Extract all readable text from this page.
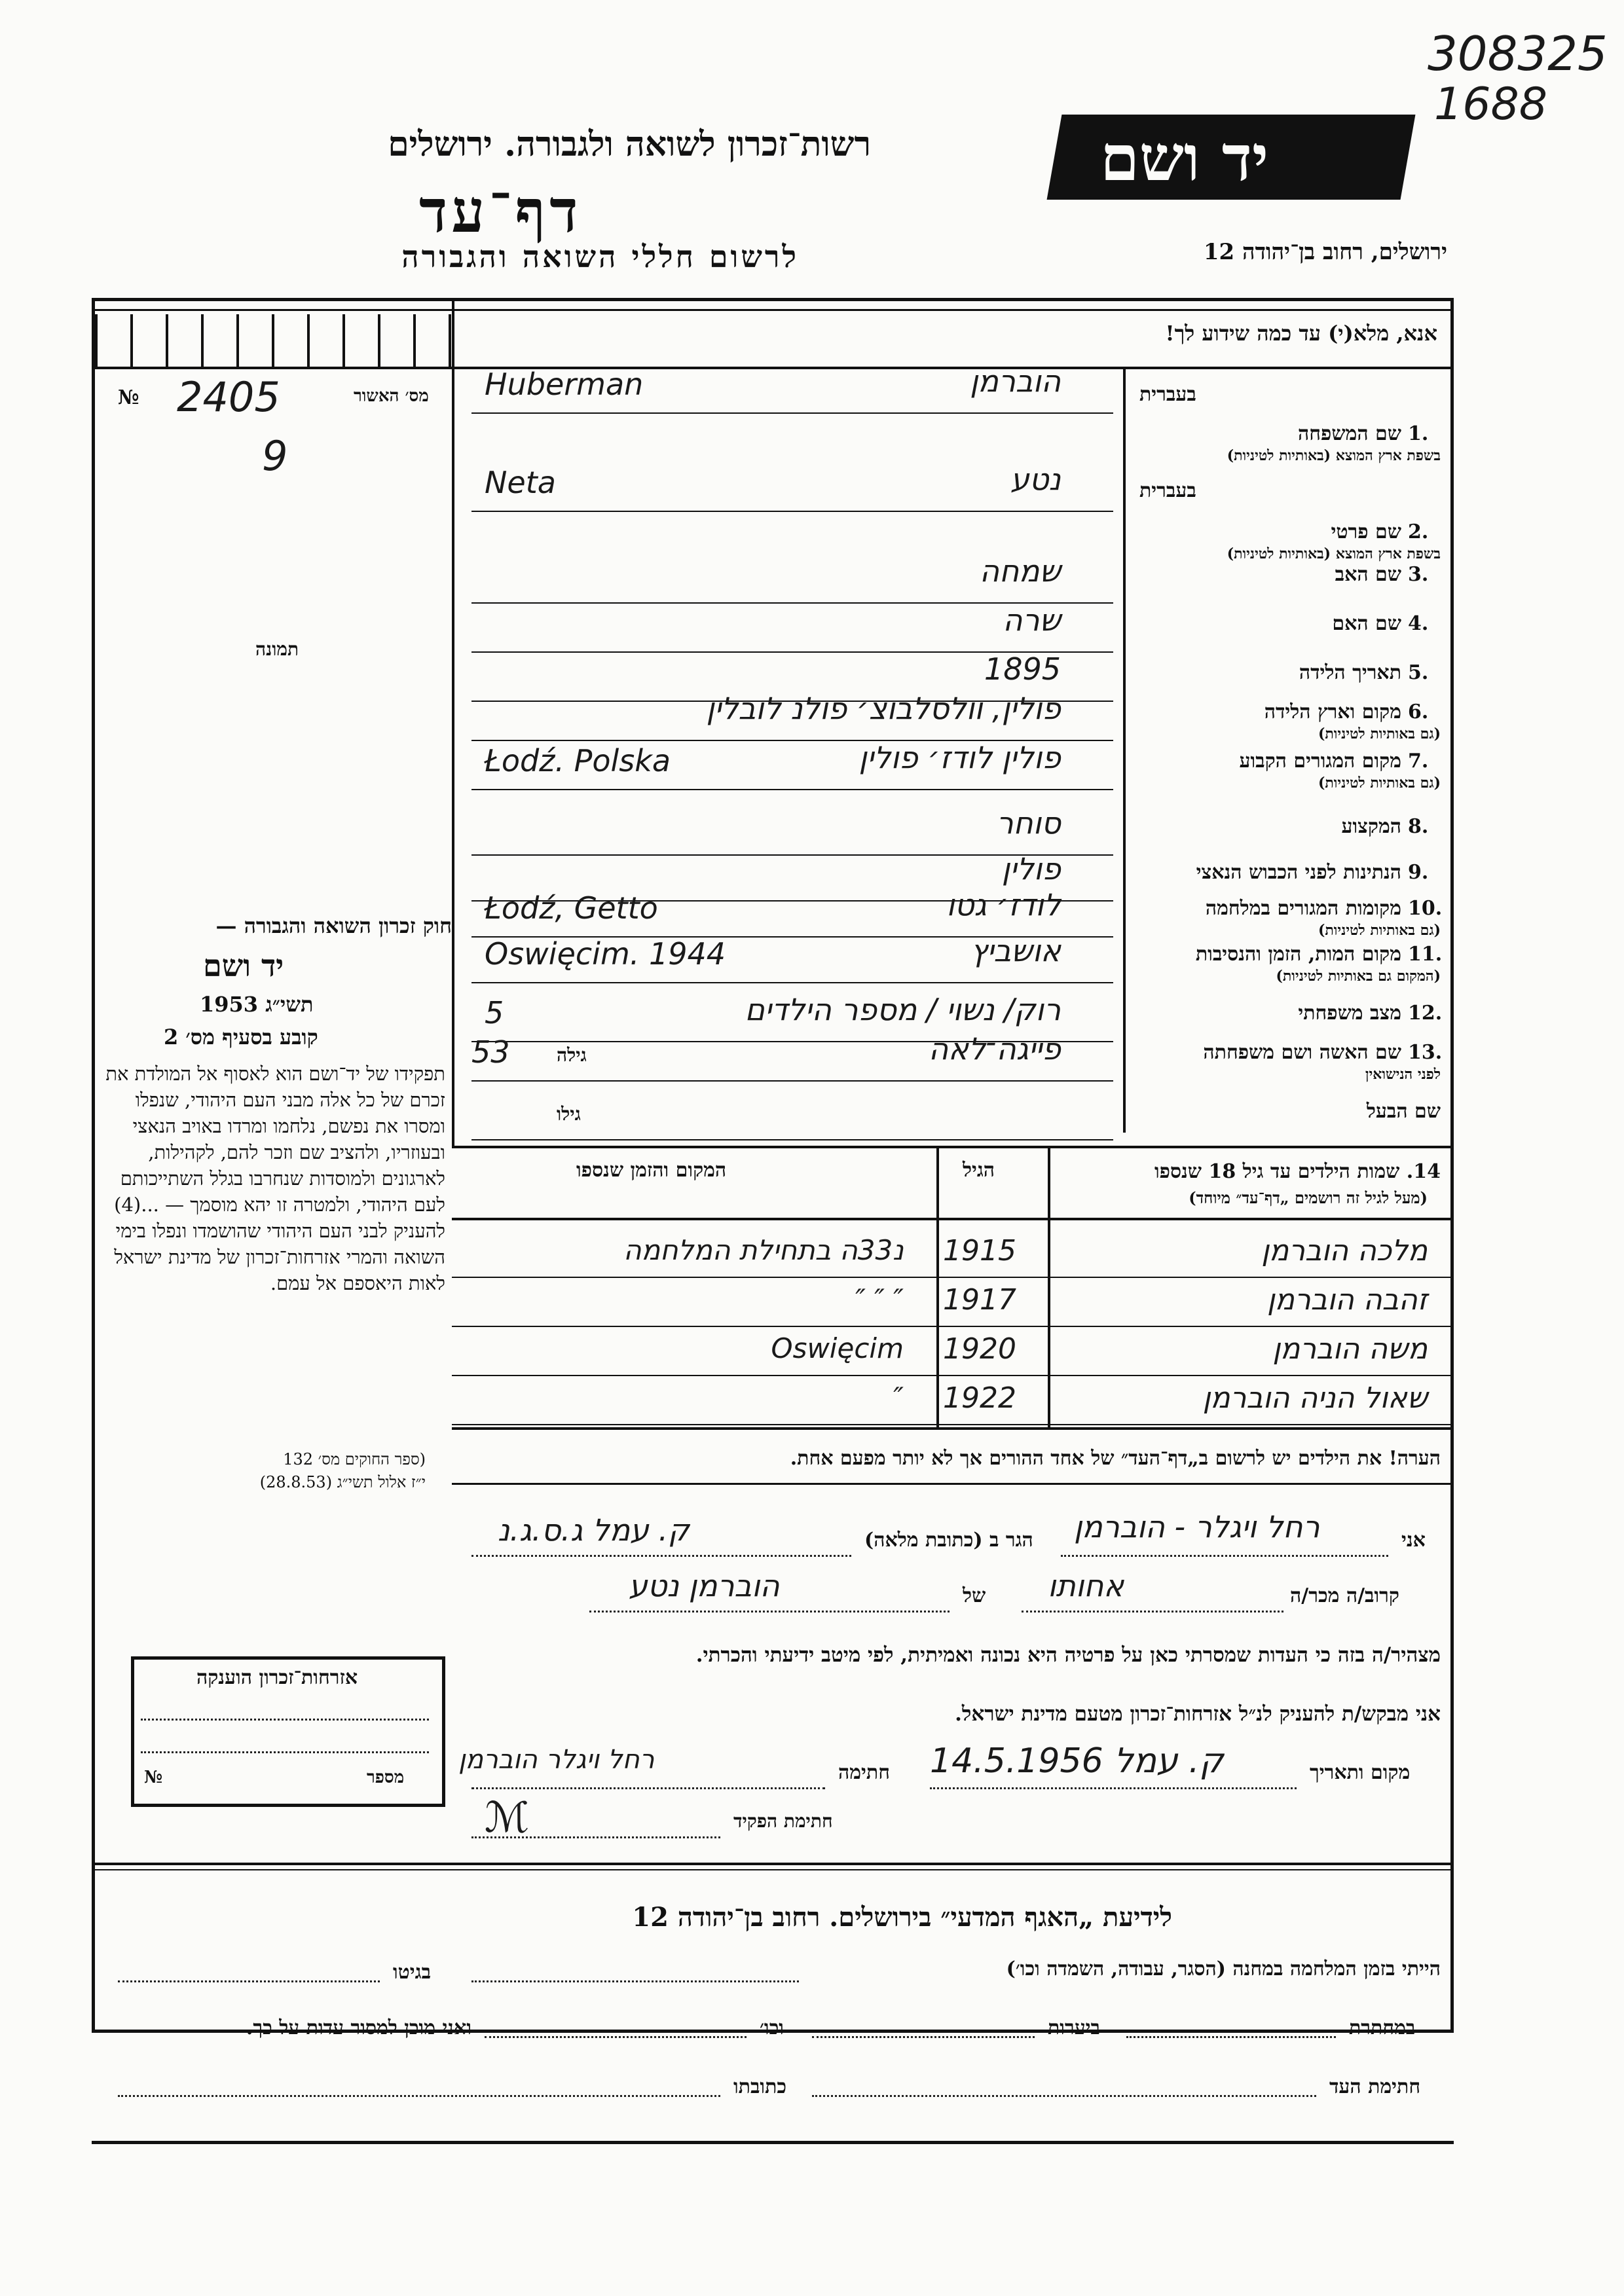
308325
1688
רשות־זכרון לשואה ולגבורה. ירושלים
דף־עד
לרשום חללי השואה והגבורה
יד ושם
ירושלים, רחוב בן־יהודה 12
אנא, מלא(י) עד כמה שידוע לך!
№ 2405
9
מס׳ האשור
תמונה
1.
שם המשפחה
בשפת ארץ המוצא (באותיות לטיניות)
הוברמן
Huberman
2.
שם פרטי
בשפת ארץ המוצא (באותיות לטיניות)
נטע
Neta
3.
שם האב
שמחה
4.
שם האם
שרה
5.
תאריך הלידה
1895
6.
מקום וארץ הלידה
(גם באותיות לטיניות)
פולין, וולסלבוצ׳ פולנ לובלין
7.
מקום המגורים הקבוע
(גם באותיות לטיניות)
פולין לודז׳ פולין
Łodź. Polska
8.
המקצוע
סוחר
9.
הנתינות לפני הכבוש הנאצי
פולין
10.
מקומות המגורים במלחמה
(גם באותיות לטיניות)
לודז׳ גטו
Łodź, Getto
11.
מקום המות, הזמן והנסיבות
(המקום גם באותיות לטיניות)
אושביץ
Oswięcim. 1944
12.
מצב משפחתי
רוק/ נשוי / מספר הילדים
5
13.
שם האשה ושם משפחתה
לפני הנישואין
פייגה־לאה
גילה
53
שם הבעל
גילו
בעברית
בעברית
חוק זכרון השואה והגבורה —
יד ושם
תשי״ג 1953
קובע בסעיף מס׳ 2
תפקידו של יד־ושם הוא לאסוף אל המולדת את זכרם של כל אלה מבני העם היהודי, שנפלו ומסרו את נפשם, נלחמו ומרדו באויב הנאצי ובעוזריו, ולהציב שם וזכר להם, לקהילות, לארגונים ולמוסדות שנחרבו בגלל השתייכותם לעם היהודי, ולמטרה זו יהא מוסמך — ...(4) להעניק לבני העם היהודי שהושמדו ונפלו בימי השואה והמרי אזרחות־זכרון של מדינת ישראל לאות היאספם אל עמם.
(ספר החוקים מס׳ 132
י״ז אלול תשי״ג (28.8.53)
14. שמות הילדים עד גיל 18 שנספו
(מעל לגיל זה רושמים „דף־עד״ מיוחד)
הגיל
המקום והזמן שנספו
מלכה הוברמן
1915
נ33ה בתחילת המלחמה
זהבה הוברמן
1917
″ ″ ″
משה הוברמן
1920
Oswięcim
שאול הניה הוברמן
1922
″
הערה! את הילדים יש לרשום ב„דף־העד״ של אחד ההורים אך לא יותר מפעם אחת.
אני
רחל ויגלר - הוברמן
הגר ב (כתובת מלאה)
ק. עמל ג.ס.ג.נ
קרוב/ה מכר/ה
אחותו
של
הוברמן נטע
מצהיר/ה בזה כי העדות שמסרתי כאן על פרטיה היא נכונה ואמיתית, לפי מיטב ידיעתי והכרתי.
אני מבקש/ת להעניק לנ״ל אזרחות־זכרון מטעם מדינת ישראל.
מקום ותאריך
ק. עמל 14.5.1956
חתימה
רחל ויגלר הוברמן
חתימת הפקיד
ℳ
אזרחות־זכרון הוענקה
№	מספר
לידיעת „האגף המדעי״ בירושלים. רחוב בן־יהודה 12
הייתי בזמן המלחמה במחנה (הסגר, עבודה, השמדה וכו׳)
בגיטו
במחתרת
ביערות
וכו׳
ואני מוכן למסור עדות על כך.
חתימת העד
כתובתו
